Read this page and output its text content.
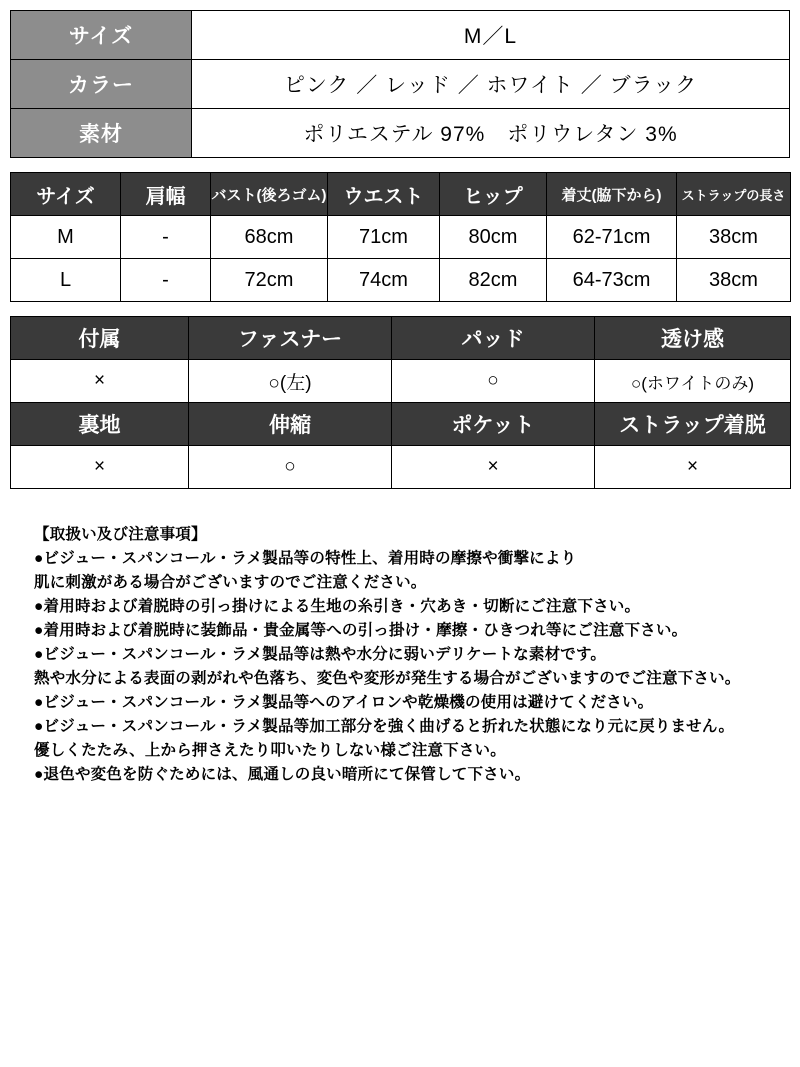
サイズ	M／L
カラー	ピンク ／ レッド ／ ホワイト ／ ブラック
素材	ポリエステル 97%　ポリウレタン 3%
サイズ	肩幅	バスト(後ろゴム)	ウエスト	ヒップ	着丈(脇下から)	ストラップの長さ
M	-	68cm	71cm	80cm	62-71cm	38cm
L	-	72cm	74cm	82cm	64-73cm	38cm
付属	ファスナー	パッド	透け感
×	○(左)	○	○(ホワイトのみ)
裏地	伸縮	ポケット	ストラップ着脱
×	○	×	×
【取扱い及び注意事項】
●ビジュー・スパンコール・ラメ製品等の特性上、着用時の摩擦や衝撃により
肌に刺激がある場合がございますのでご注意ください。
●着用時および着脱時の引っ掛けによる生地の糸引き・穴あき・切断にご注意下さい。
●着用時および着脱時に装飾品・貴金属等への引っ掛け・摩擦・ひきつれ等にご注意下さい。
●ビジュー・スパンコール・ラメ製品等は熱や水分に弱いデリケートな素材です。
熱や水分による表面の剥がれや色落ち、変色や変形が発生する場合がございますのでご注意下さい。
●ビジュー・スパンコール・ラメ製品等へのアイロンや乾燥機の使用は避けてください。
●ビジュー・スパンコール・ラメ製品等加工部分を強く曲げると折れた状態になり元に戻りません。
優しくたたみ、上から押さえたり叩いたりしない様ご注意下さい。
●退色や変色を防ぐためには、風通しの良い暗所にて保管して下さい。
